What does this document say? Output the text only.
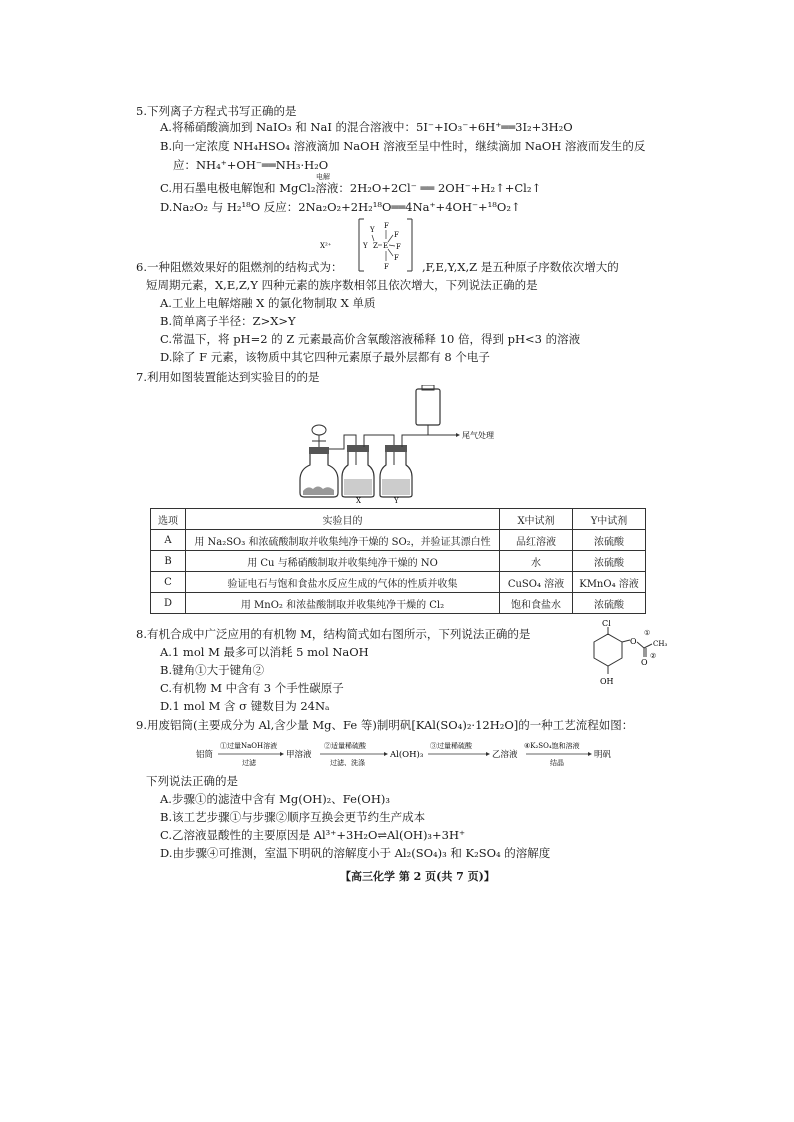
5.下列离子方程式书写正确的是
A.将稀硝酸滴加到 NaIO₃ 和 NaI 的混合溶液中：5I⁻+IO₃⁻+6H⁺══3I₂+3H₂O
B.向一定浓度 NH₄HSO₄ 溶液滴加 NaOH 溶液至呈中性时，继续滴加 NaOH 溶液而发生的反
应：NH₄⁺+OH⁻══NH₃·H₂O
电解
C.用石墨电极电解饱和 MgCl₂溶液：2H₂O+2Cl⁻ ══ 2OH⁻+H₂↑+Cl₂↑
D.Na₂O₂ 与 H₂¹⁸O 反应：2Na₂O₂+2H₂¹⁸O══4Na⁺+4OH⁻+¹⁸O₂↑
X²⁺
Y
Y Z
F
F
F
F
F
E
6.一种阻燃效果好的阻燃剂的结构式为：	,F,E,Y,X,Z 是五种原子序数依次增大的
短周期元素，X,E,Z,Y 四种元素的族序数相邻且依次增大，下列说法正确的是
A.工业上电解熔融 X 的氯化物制取 X 单质
B.简单离子半径：Z>X>Y
C.常温下，将 pH=2 的 Z 元素最高价含氧酸溶液稀释 10 倍，得到 pH<3 的溶液
D.除了 F 元素，该物质中其它四种元素原子最外层都有 8 个电子
7.利用如图装置能达到实验目的的是
X	Y
尾气处理
选项	实验目的	X中试剂	Y中试剂
A	用 Na₂SO₃ 和浓硫酸制取并收集纯净干燥的 SO₂，并验证其漂白性	品红溶液	浓硫酸
B	用 Cu 与稀硝酸制取并收集纯净干燥的 NO	水	浓硫酸
C	验证电石与饱和食盐水反应生成的气体的性质并收集	CuSO₄ 溶液	KMnO₄ 溶液
D	用 MnO₂ 和浓盐酸制取并收集纯净干燥的 Cl₂	饱和食盐水	浓硫酸
8.有机合成中广泛应用的有机物 M，结构简式如右图所示，下列说法正确的是
A.1 mol M 最多可以消耗 5 mol NaOH
B.键角①大于键角②
C.有机物 M 中含有 3 个手性碳原子
D.1 mol M 含 σ 键数目为 24Nₐ
Cl
O CH₃
O
①
②
OH
9.用废铝筒(主要成分为 Al,含少量 Mg、Fe 等)制明矾[KAl(SO₄)₂·12H₂O]的一种工艺流程如图：
铝筒
①过量NaOH溶液
过滤
甲溶液
②适量稀硫酸
过滤、洗涤
Al(OH)₃
③过量稀硫酸
乙溶液
④K₂SO₄饱和溶液
结晶
明矾
下列说法正确的是
A.步骤①的滤渣中含有 Mg(OH)₂、Fe(OH)₃
B.该工艺步骤①与步骤②顺序互换会更节约生产成本
C.乙溶液显酸性的主要原因是 Al³⁺+3H₂O⇌Al(OH)₃+3H⁺
D.由步骤④可推测，室温下明矾的溶解度小于 Al₂(SO₄)₃ 和 K₂SO₄ 的溶解度
【高三化学 第 2 页(共 7 页)】
